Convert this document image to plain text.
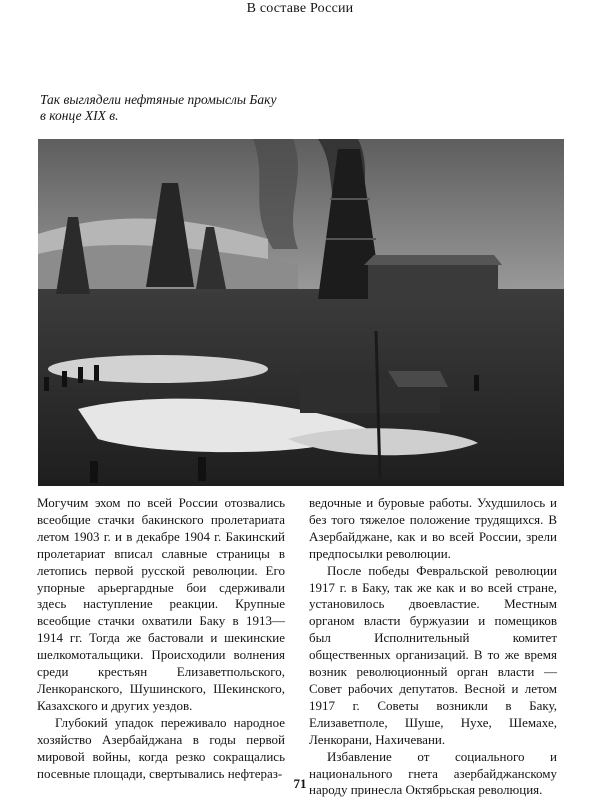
В составе России
Так выглядели нефтяные промыслы Баку
в конце XIX в.

Могучим эхом по всей России отозвались всеобщие стачки бакинского пролетариата летом 1903 г. и в декабре 1904 г. Бакинский пролетариат вписал славные страницы в летопись первой русской революции. Его упорные арьергардные бои сдерживали здесь наступление реакции. Крупные всеобщие стачки охватили Баку в 1913—1914 гг. Тогда же бастовали и шекинские шелкомотальщики. Происходили волнения среди крестьян Елизаветпольского, Ленкоранского, Шушинского, Шекинского, Казахского и других уездов.

Глубокий упадок переживало народное хозяйство Азербайджана в годы первой мировой войны, когда резко сокращались посевные площади, свертывались нефтераз-

ведочные и буровые работы. Ухудшилось и без того тяжелое положение трудящихся. В Азербайджане, как и во всей России, зрели предпосылки революции.

После победы Февральской революции 1917 г. в Баку, так же как и во всей стране, установилось двоевластие. Местным органом власти буржуазии и помещиков был Исполнительный комитет общественных организаций. В то же время возник революционный орган власти — Совет рабочих депутатов. Весной и летом 1917 г. Советы возникли в Баку, Елизаветполе, Шуше, Нухе, Шемахе, Ленкорани, Нахичевани.

Избавление от социального и национального гнета азербайджанскому народу принесла Октябрьская революция.

71
